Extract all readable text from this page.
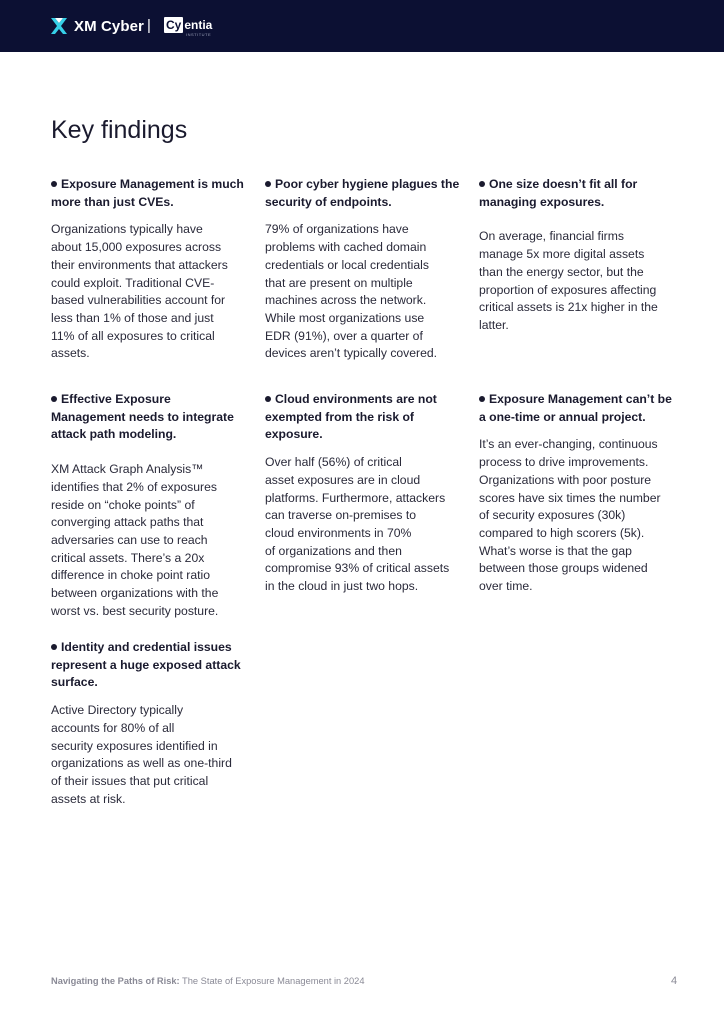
XM Cyber | Cy entia
INSTITUTE
Key findings

Exposure Management is much more than just CVEs.

Organizations typically have
about 15,000 exposures across
their environments that attackers
could exploit. Traditional CVE-
based vulnerabilities account for
less than 1% of those and just
11% of all exposures to critical
assets.

Poor cyber hygiene plagues the security of endpoints.

79% of organizations have
problems with cached domain
credentials or local credentials
that are present on multiple
machines across the network.
While most organizations use
EDR (91%), over a quarter of
devices aren’t typically covered.

One size doesn’t fit all for managing exposures.

On average, financial firms
manage 5x more digital assets
than the energy sector, but the
proportion of exposures affecting
critical assets is 21x higher in the
latter.

Effective Exposure Management needs to integrate attack path modeling.

XM Attack Graph Analysis™
identifies that 2% of exposures
reside on “choke points” of
converging attack paths that
adversaries can use to reach
critical assets. There’s a 20x
difference in choke point ratio
between organizations with the
worst vs. best security posture.

Cloud environments are not exempted from the risk of exposure.

Over half (56%) of critical
asset exposures are in cloud
platforms. Furthermore, attackers
can traverse on-premises to
cloud environments in 70%
of organizations and then
compromise 93% of critical assets
in the cloud in just two hops.

Exposure Management can’t be a one-time or annual project.

It’s an ever-changing, continuous
process to drive improvements.
Organizations with poor posture
scores have six times the number
of security exposures (30k)
compared to high scorers (5k).
What’s worse is that the gap
between those groups widened
over time.

Identity and credential issues represent a huge exposed attack surface.

Active Directory typically
accounts for 80% of all
security exposures identified in
organizations as well as one-third
of their issues that put critical
assets at risk.

Navigating the Paths of Risk: The State of Exposure Management in 2024	4
